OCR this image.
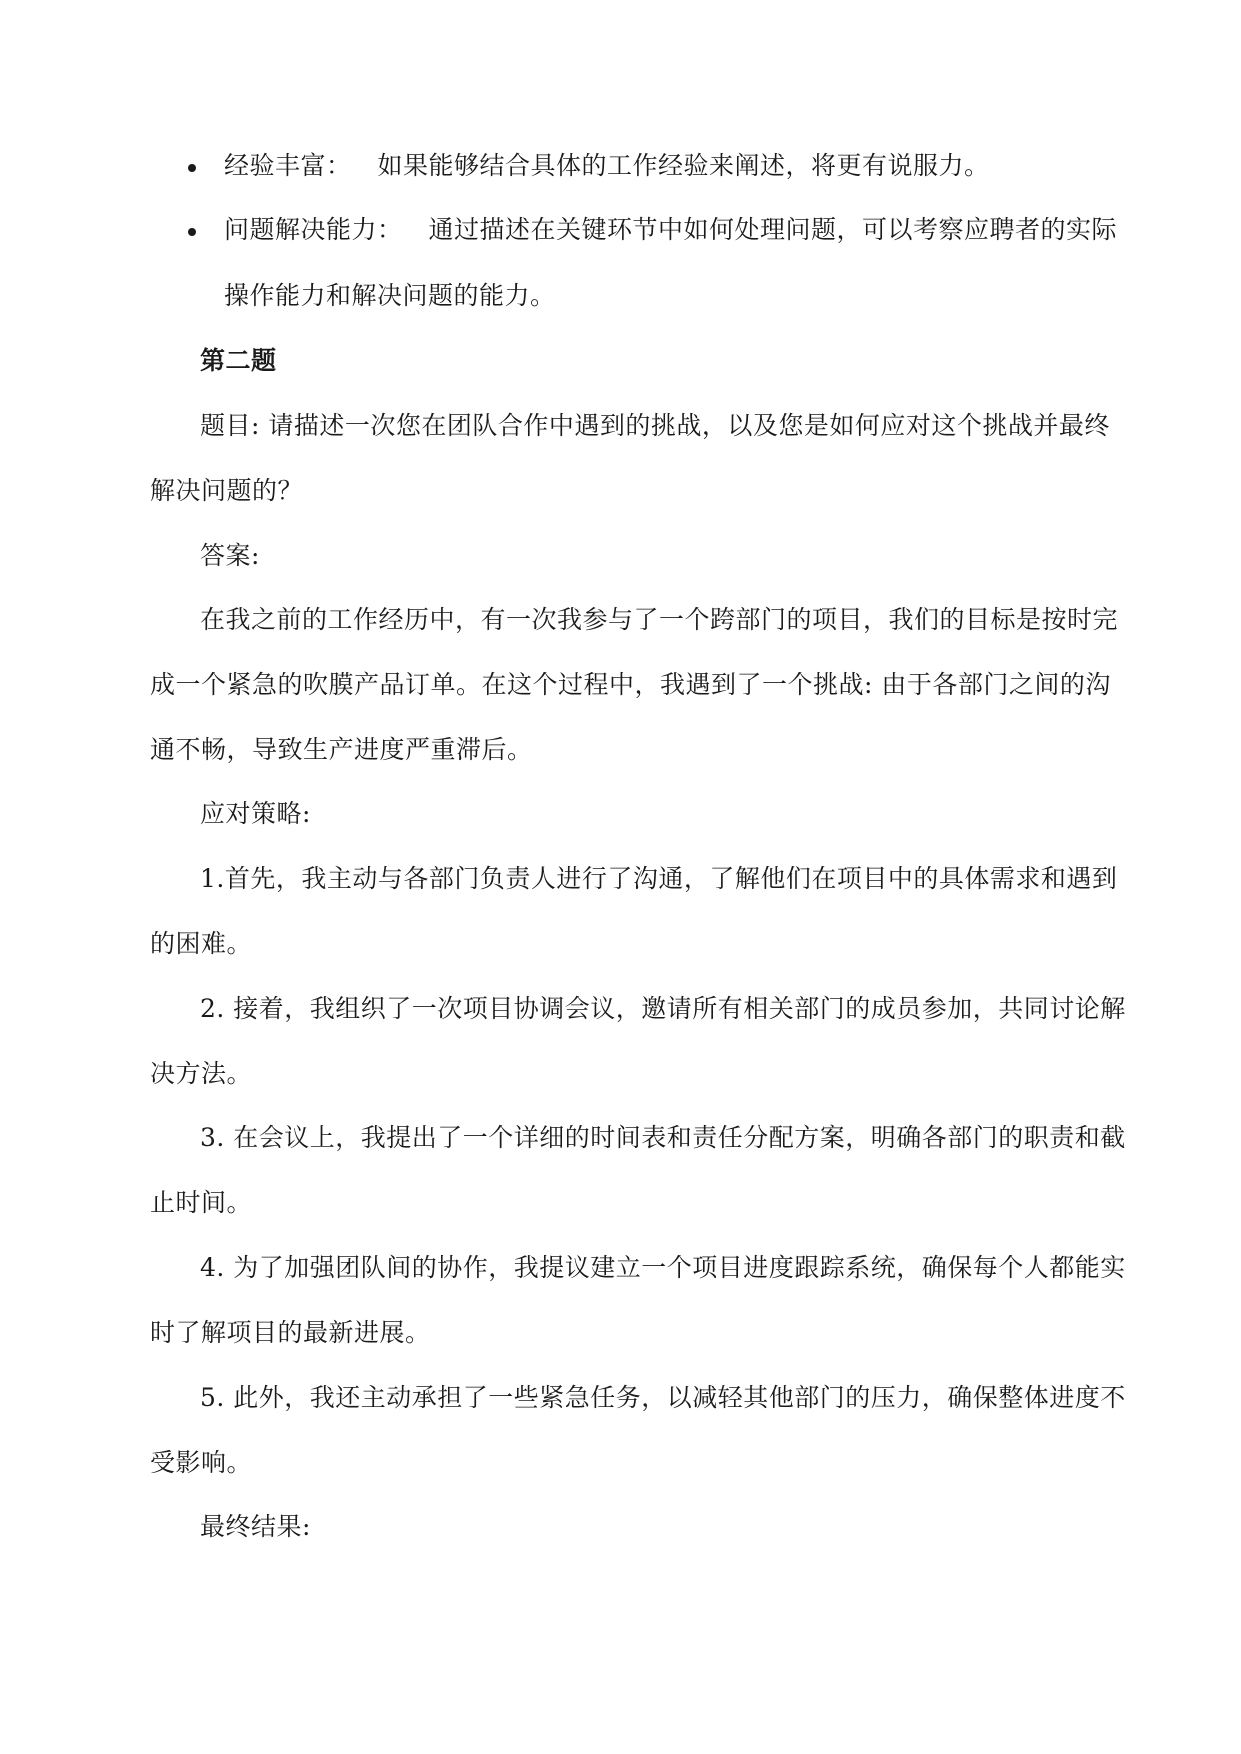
经验丰富： 如果能够结合具体的工作经验来阐述，将更有说服力。
问题解决能力： 通过描述在关键环节中如何处理问题，可以考察应聘者的实际
操作能力和解决问题的能力。
第二题
题目: 请描述一次您在团队合作中遇到的挑战，以及您是如何应对这个挑战并最终
解决问题的？
答案:
在我之前的工作经历中，有一次我参与了一个跨部门的项目，我们的目标是按时完
成一个紧急的吹膜产品订单。在这个过程中，我遇到了一个挑战: 由于各部门之间的沟
通不畅，导致生产进度严重滞后。
应对策略:
1.首先，我主动与各部门负责人进行了沟通，了解他们在项目中的具体需求和遇到
的困难。
2. 接着，我组织了一次项目协调会议，邀请所有相关部门的成员参加，共同讨论解
决方法。
3. 在会议上，我提出了一个详细的时间表和责任分配方案，明确各部门的职责和截
止时间。
4. 为了加强团队间的协作，我提议建立一个项目进度跟踪系统，确保每个人都能实
时了解项目的最新进展。
5. 此外，我还主动承担了一些紧急任务，以减轻其他部门的压力，确保整体进度不
受影响。
最终结果:
